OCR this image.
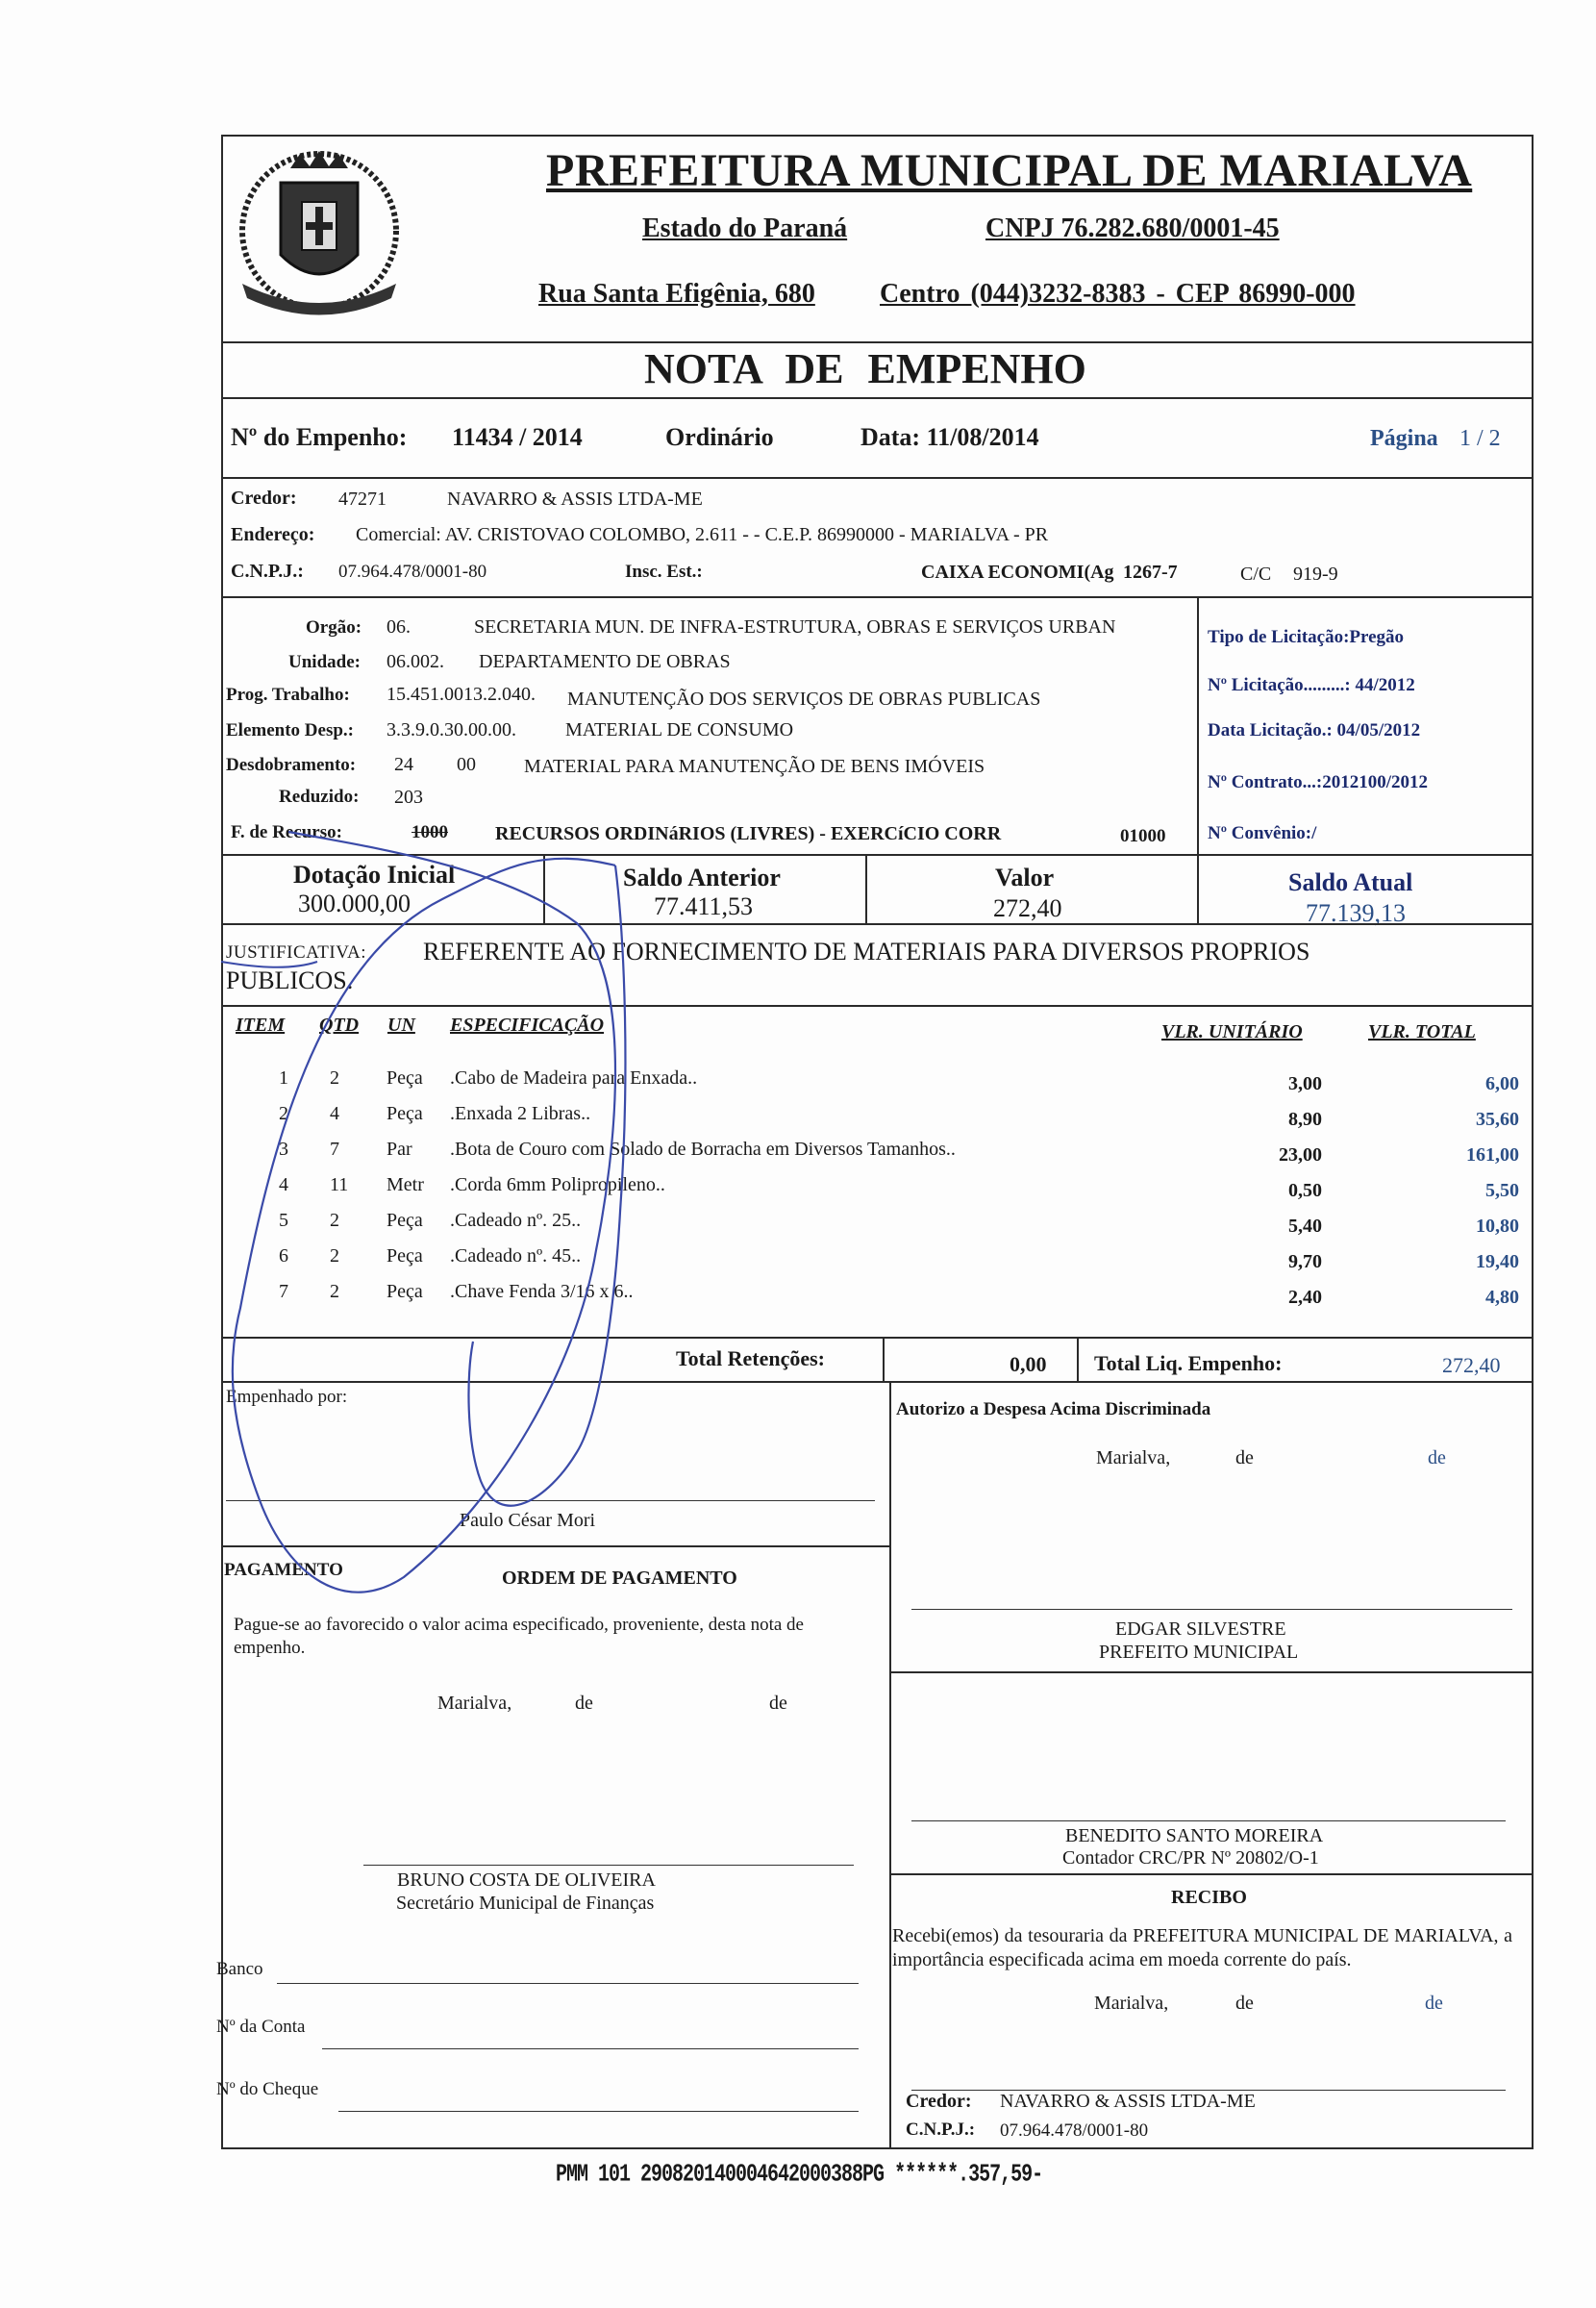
PREFEITURA MUNICIPAL DE MARIALVA
Estado do Paraná	CNPJ 76.282.680/0001-45
Rua Santa Efigênia, 680 Centro (044)3232-8383 - CEP 86990-000
NOTA DE EMPENHO
Nº do Empenho: 11434 / 2014	Ordinário	Data: 11/08/2014	Página 1 / 2
Credor: 47271	NAVARRO & ASSIS LTDA-ME
Endereço: Comercial: AV. CRISTOVAO COLOMBO, 2.611 - - C.E.P. 86990000 - MARIALVA - PR
C.N.P.J.: 07.964.478/0001-80	Insc. Est.:	CAIXA ECONOMI(Ag 1267-7	C/C 919-9
Orgão: 06.	SECRETARIA MUN. DE INFRA-ESTRUTURA, OBRAS E SERVIÇOS URBAN
Unidade: 06.002. DEPARTAMENTO DE OBRAS
Prog. Trabalho: 15.451.0013.2.040. MANUTENÇÃO DOS SERVIÇOS DE OBRAS PUBLICAS
Elemento Desp.: 3.3.9.0.30.00.00.	MATERIAL DE CONSUMO
Desdobramento: 24 00	MATERIAL PARA MANUTENÇÃO DE BENS IMÓVEIS
Reduzido: 203
F. de Recurso:	1000 RECURSOS ORDINáRIOS (LIVRES) - EXERCíCIO CORR	01000
Tipo de Licitação:Pregão
Nº Licitação.........: 44/2012
Data Licitação.: 04/05/2012
Nº Contrato...:2012100/2012
Nº Convênio:/
Dotação Inicial
300.000,00
Saldo Anterior
77.411,53
Valor
272,40
Saldo Atual
77.139,13
JUSTIFICATIVA: REFERENTE AO FORNECIMENTO DE MATERIAIS PARA DIVERSOS PROPRIOS
PUBLICOS.
ITEM QTD UN ESPECIFICAÇÃO	VLR. UNITÁRIO	VLR. TOTAL
1 2 Peça .Cabo de Madeira para Enxada..	3,00	6,00
2 4 Peça .Enxada 2 Libras..	8,90	35,60
3 7 Par .Bota de Couro com Solado de Borracha em Diversos Tamanhos..	23,00	161,00
4 11 Metr .Corda 6mm Polipropileno..	0,50	5,50
5 2 Peça .Cadeado nº. 25..	5,40	10,80
6 2 Peça .Cadeado nº. 45..	9,70	19,40
7 2 Peça .Chave Fenda 3/16 x 6..	2,40	4,80
Total Retenções:	0,00 Total Liq. Empenho:	272,40
Empenhado por:
Paulo César Mori
Autorizo a Despesa Acima Discriminada
Marialva,	de	de
EDGAR SILVESTRE
PREFEITO MUNICIPAL
PAGAMENTO	ORDEM DE PAGAMENTO
Pague-se ao favorecido o valor acima especificado, proveniente, desta nota de empenho.
Marialva,	de	de
BRUNO COSTA DE OLIVEIRA
Secretário Municipal de Finanças
Banco
Nº da Conta
Nº do Cheque
BENEDITO SANTO MOREIRA
Contador CRC/PR Nº 20802/O-1
RECIBO
Recebi(emos) da tesouraria da PREFEITURA MUNICIPAL DE MARIALVA, a importância especificada acima em moeda corrente do país.
Marialva,	de	de
Credor: NAVARRO & ASSIS LTDA-ME
C.N.P.J.: 07.964.478/0001-80
PMM 101 290820140004642000388PG ******.357,59-
